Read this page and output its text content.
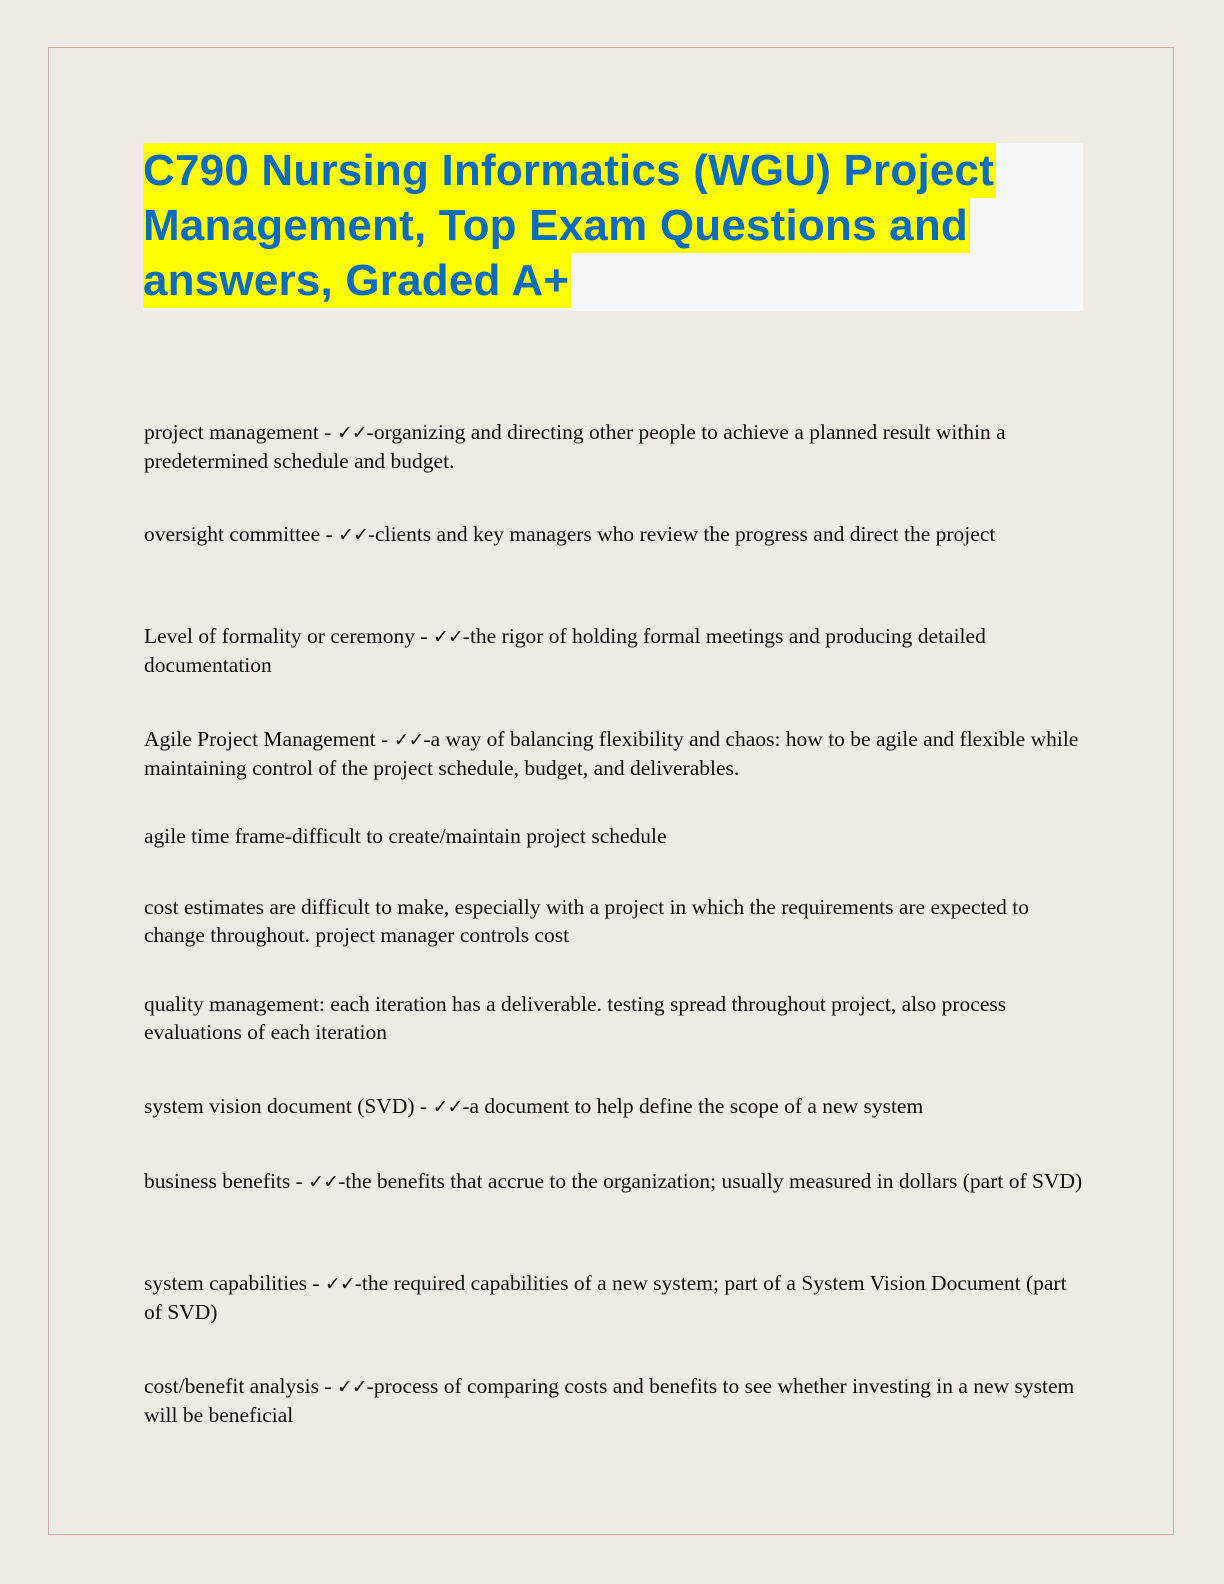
C790 Nursing Informatics (WGU) Project
Management, Top Exam Questions and
answers, Graded A+

project management - ✓✓-organizing and directing other people to achieve a planned result within a predetermined schedule and budget.

oversight committee - ✓✓-clients and key managers who review the progress and direct the project

Level of formality or ceremony - ✓✓-the rigor of holding formal meetings and producing detailed documentation

Agile Project Management - ✓✓-a way of balancing flexibility and chaos: how to be agile and flexible while maintaining control of the project schedule, budget, and deliverables.

agile time frame-difficult to create/maintain project schedule

cost estimates are difficult to make, especially with a project in which the requirements are expected to change throughout. project manager controls cost

quality management: each iteration has a deliverable. testing spread throughout project, also process evaluations of each iteration

system vision document (SVD) - ✓✓-a document to help define the scope of a new system

business benefits - ✓✓-the benefits that accrue to the organization; usually measured in dollars (part of SVD)

system capabilities - ✓✓-the required capabilities of a new system; part of a System Vision Document (part of SVD)

cost/benefit analysis - ✓✓-process of comparing costs and benefits to see whether investing in a new system will be beneficial
